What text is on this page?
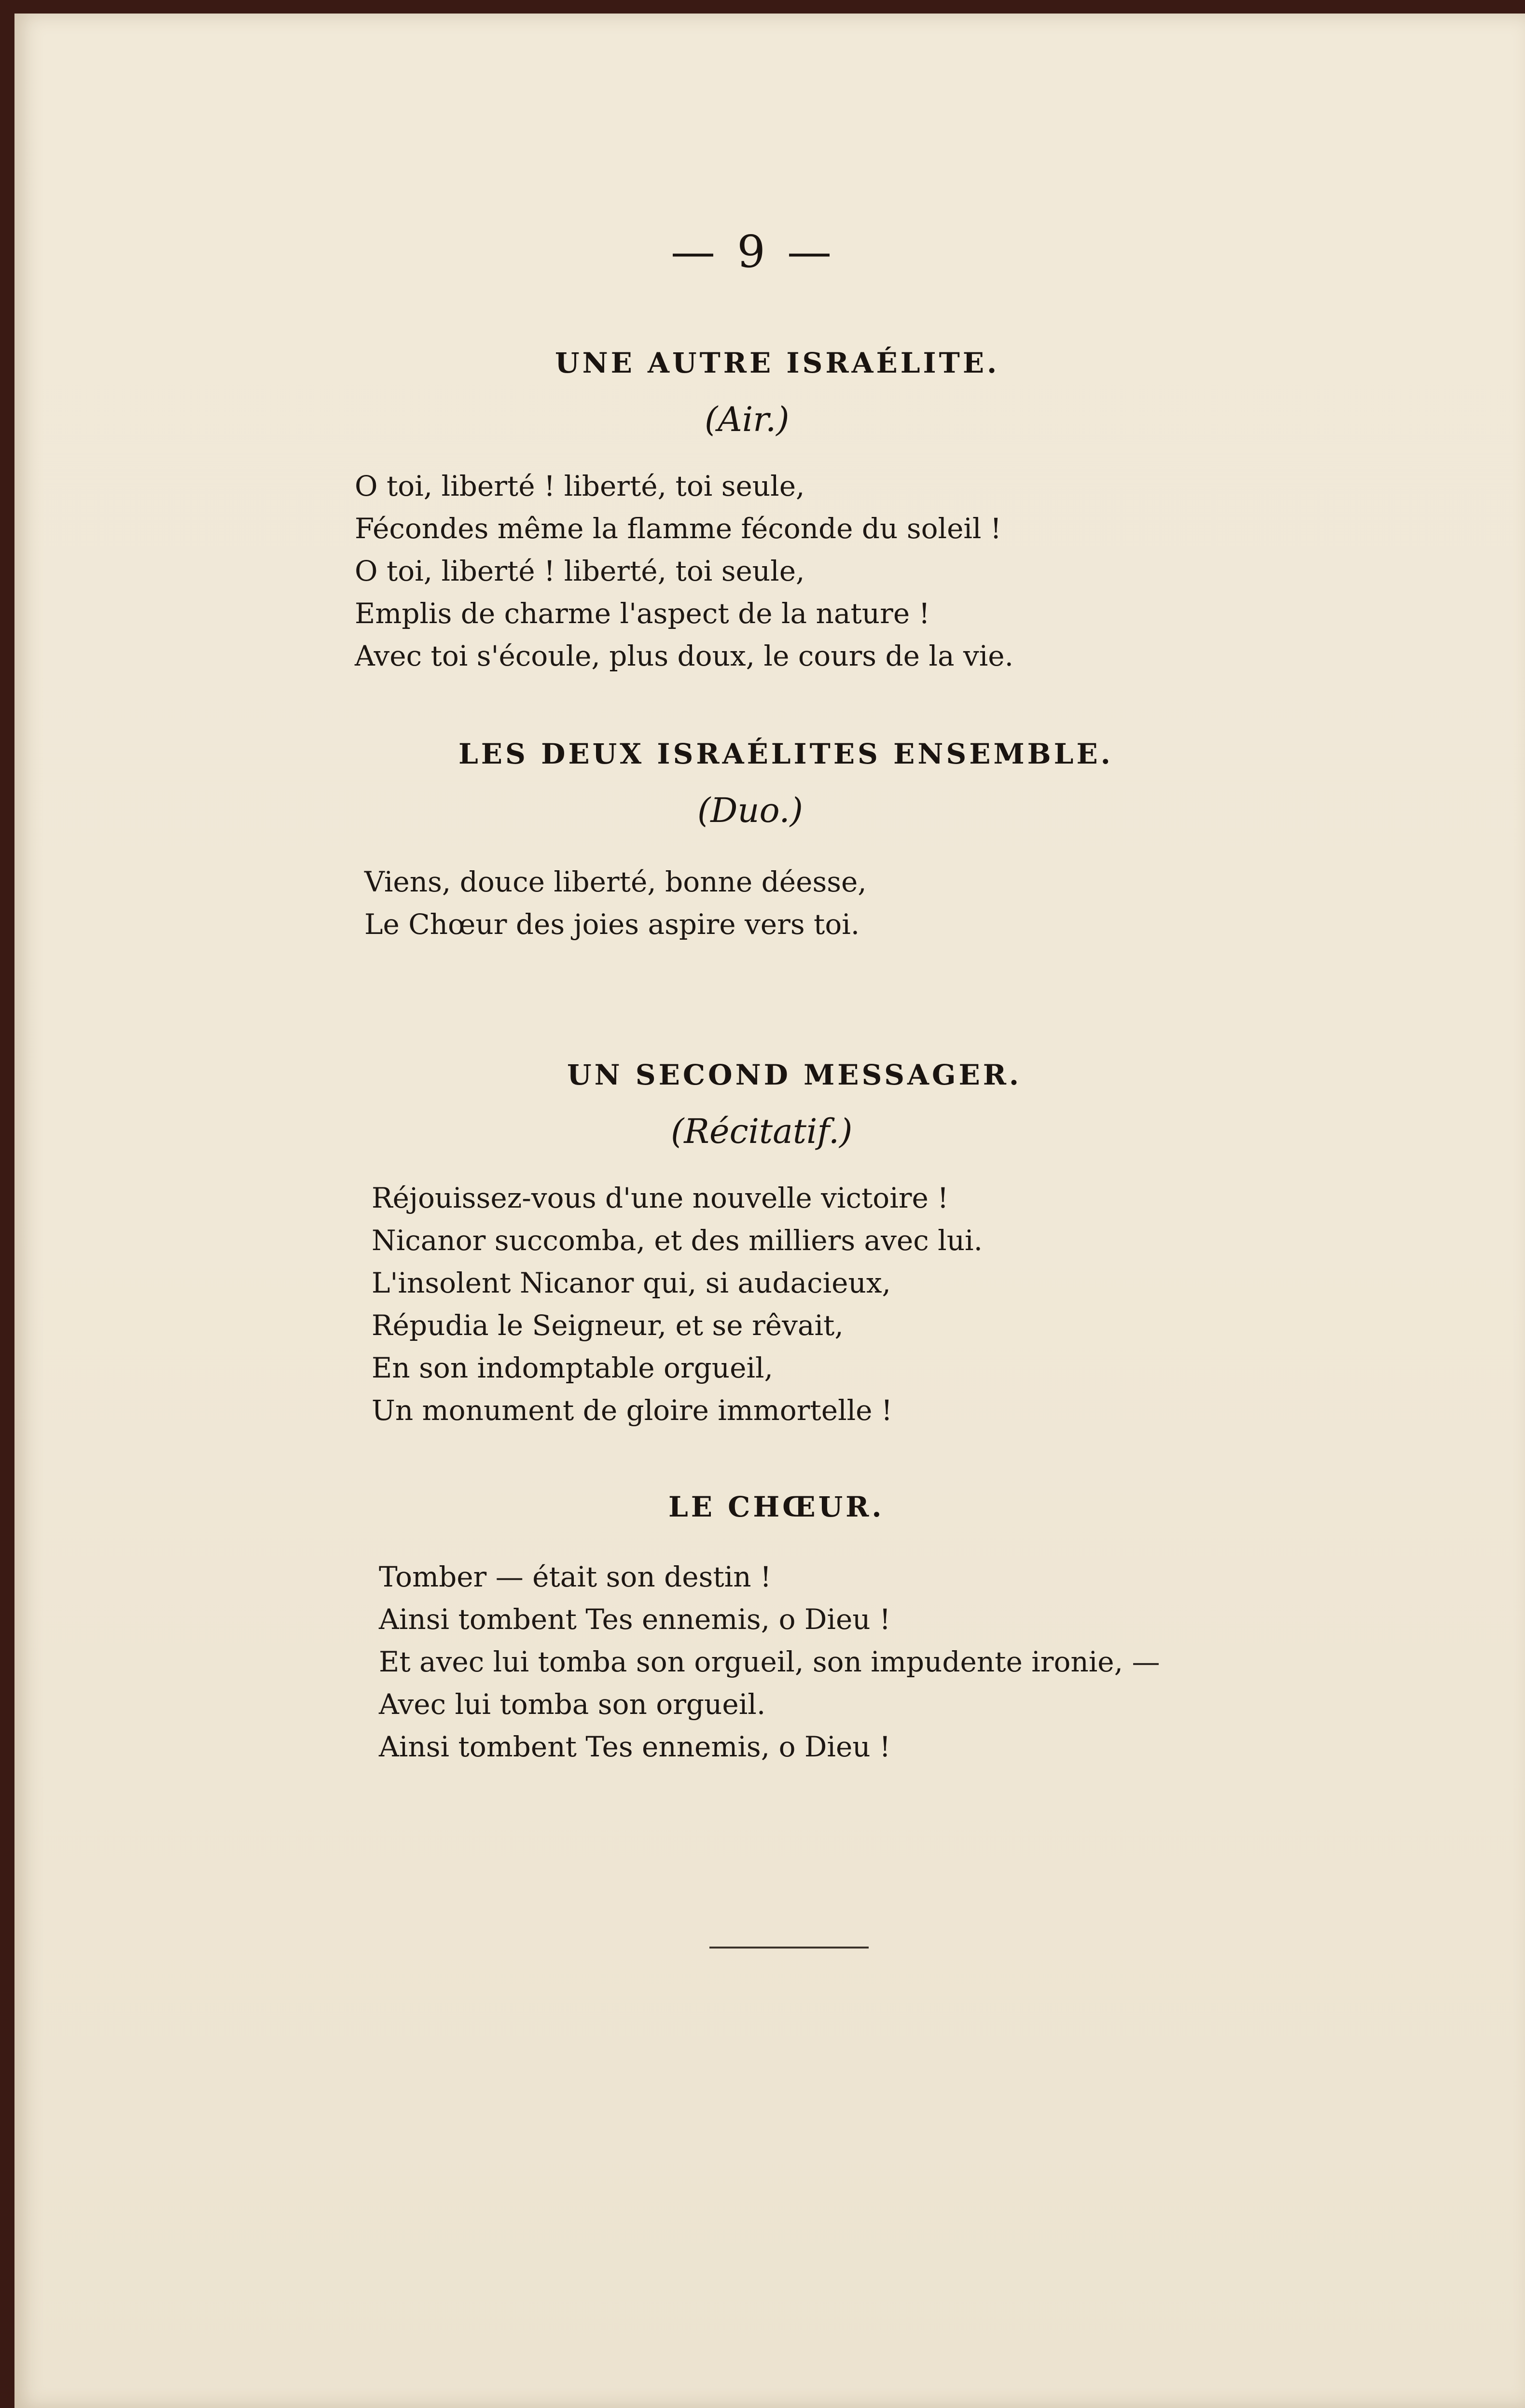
— 9 —
UNE AUTRE ISRAÉLITE.
(Air.)
O toi, liberté ! liberté, toi seule,
Fécondes même la flamme féconde du soleil !
O toi, liberté ! liberté, toi seule,
Emplis de charme l'aspect de la nature !
Avec toi s'écoule, plus doux, le cours de la vie.
LES DEUX ISRAÉLITES ENSEMBLE.
(Duo.)
Viens, douce liberté, bonne déesse,
Le Chœur des joies aspire vers toi.
UN SECOND MESSAGER.
(Récitatif.)
Réjouissez-vous d'une nouvelle victoire !
Nicanor succomba, et des milliers avec lui.
L'insolent Nicanor qui, si audacieux,
Répudia le Seigneur, et se rêvait,
En son indomptable orgueil,
Un monument de gloire immortelle !
LE CHŒUR.
Tomber — était son destin !
Ainsi tombent Tes ennemis, o Dieu !
Et avec lui tomba son orgueil, son impudente ironie, —
Avec lui tomba son orgueil.
Ainsi tombent Tes ennemis, o Dieu !
